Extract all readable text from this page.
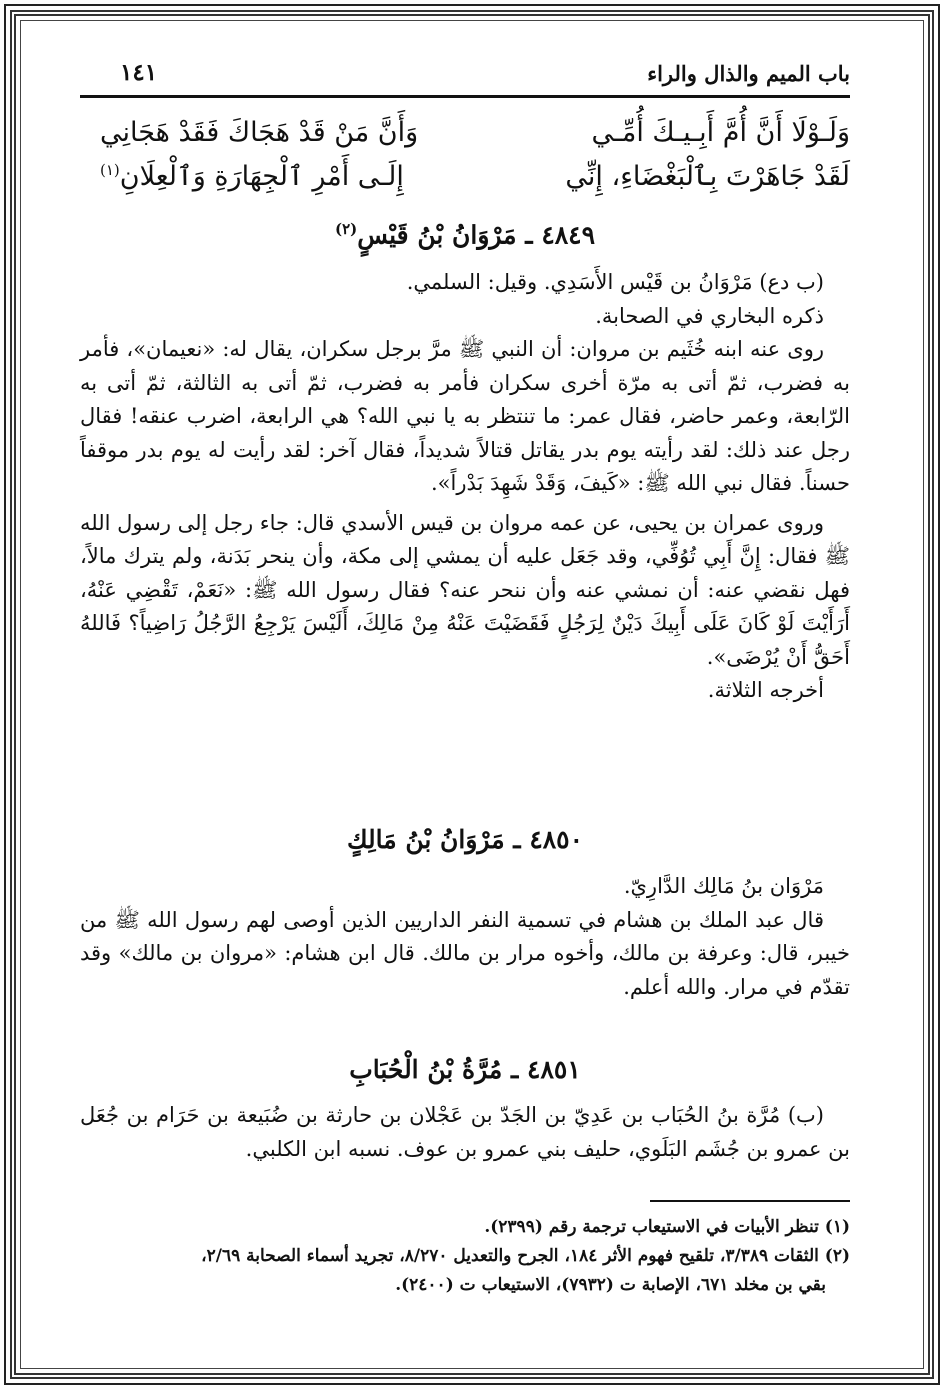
باب الميم والذال والراء
١٤١
وَلَـوْلَا أَنَّ أُمَّ أَبِـيـكَ أُمِّـي
وَأَنَّ مَنْ قَدْ هَجَاكَ فَقَدْ هَجَانِي
لَقَدْ جَاهَرْتَ بِٱلْبَغْضَاءِ، إِنِّي
إِلَـى أَمْرِ ٱلْجِهَارَةِ وَٱلْعِلَانِ$^{(١)}$
٤٨٤٩ ـ مَرْوَانُ بْنُ قَيْسٍ$^{(٢)}$

(ب دع) مَرْوَانُ بن قَيْس الأَسَدِي. وقيل: السلمي.

ذكره البخاري في الصحابة.

روى عنه ابنه خُثَيم بن مروان: أن النبي ﷺ مرَّ برجل سكران، يقال له: «نعيمان»، فأمر به فضرب، ثمّ أتى به مرّة أخرى سكران فأمر به فضرب، ثمّ أتى به الثالثة، ثمّ أتى به الرّابعة، وعمر حاضر، فقال عمر: ما تنتظر به يا نبي الله؟ هي الرابعة، اضرب عنقه! فقال رجل عند ذلك: لقد رأيته يوم بدر يقاتل قتالاً شديداً، فقال آخر: لقد رأيت له يوم بدر موقفاً حسناً. فقال نبي الله ﷺ: «كَيفَ، وَقَدْ شَهِدَ بَدْراً».

وروى عمران بن يحيى، عن عمه مروان بن قيس الأسدي قال: جاء رجل إلى رسول الله ﷺ فقال: إِنَّ أَبِي تُوُفِّي، وقد جَعَل عليه أن يمشي إلى مكة، وأن ينحر بَدَنة، ولم يترك مالاً، فهل نقضي عنه: أن نمشي عنه وأن ننحر عنه؟ فقال رسول الله ﷺ: «نَعَمْ، تَقْضِي عَنْهُ، أَرَأَيْتَ لَوْ كَانَ عَلَى أَبِيكَ دَيْنٌ لِرَجُلٍ فَقَضَيْتَ عَنْهُ مِنْ مَالِكَ، أَلَيْسَ يَرْجِعُ الرَّجُلُ رَاضِياً؟ فَاللهُ أَحَقُّ أَنْ يُرْضَى».

أخرجه الثلاثة.

٤٨٥٠ ـ مَرْوَانُ بْنُ مَالِكٍ

مَرْوَان بنُ مَالِك الدَّارِيّ.

قال عبد الملك بن هشام في تسمية النفر الداريين الذين أوصى لهم رسول الله ﷺ من خيبر، قال: وعرفة بن مالك، وأخوه مرار بن مالك. قال ابن هشام: «مروان بن مالك» وقد تقدّم في مرار. والله أعلم.

٤٨٥١ ـ مُرَّةُ بْنُ الْحُبَابِ

(ب) مُرَّة بنُ الحُبَاب بن عَدِيّ بن الجَدّ بن عَجْلان بن حارثة بن ضُبَيعة بن حَرَام بن جُعَل بن عمرو بن جُشَم البَلَوي، حليف بني عمرو بن عوف. نسبه ابن الكلبي.

(١) تنظر الأبيات في الاستيعاب ترجمة رقم (٢٣٩٩).

(٢) الثقات ٣/٣٨٩، تلقيح فهوم الأثر ١٨٤، الجرح والتعديل ٨/٢٧٠، تجريد أسماء الصحابة ٢/٦٩،

بقي بن مخلد ٦٧١، الإصابة ت (٧٩٣٢)، الاستيعاب ت (٢٤٠٠).
